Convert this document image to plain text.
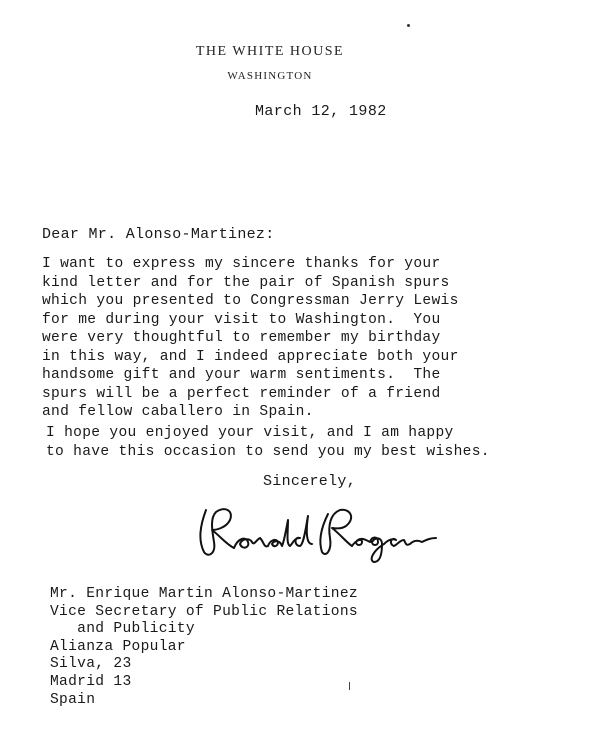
THE WHITE HOUSE
WASHINGTON
March 12, 1982
Dear Mr. Alonso-Martinez:

I want to express my sincere thanks for your
kind letter and for the pair of Spanish spurs
which you presented to Congressman Jerry Lewis
for me during your visit to Washington.  You
were very thoughtful to remember my birthday
in this way, and I indeed appreciate both your
handsome gift and your warm sentiments.  The
spurs will be a perfect reminder of a friend
and fellow caballero in Spain.

I hope you enjoyed your visit, and I am happy
to have this occasion to send you my best wishes.

Sincerely,
Mr. Enrique Martin Alonso-Martinez
Vice Secretary of Public Relations
and Publicity
Alianza Popular
Silva, 23
Madrid 13
Spain
